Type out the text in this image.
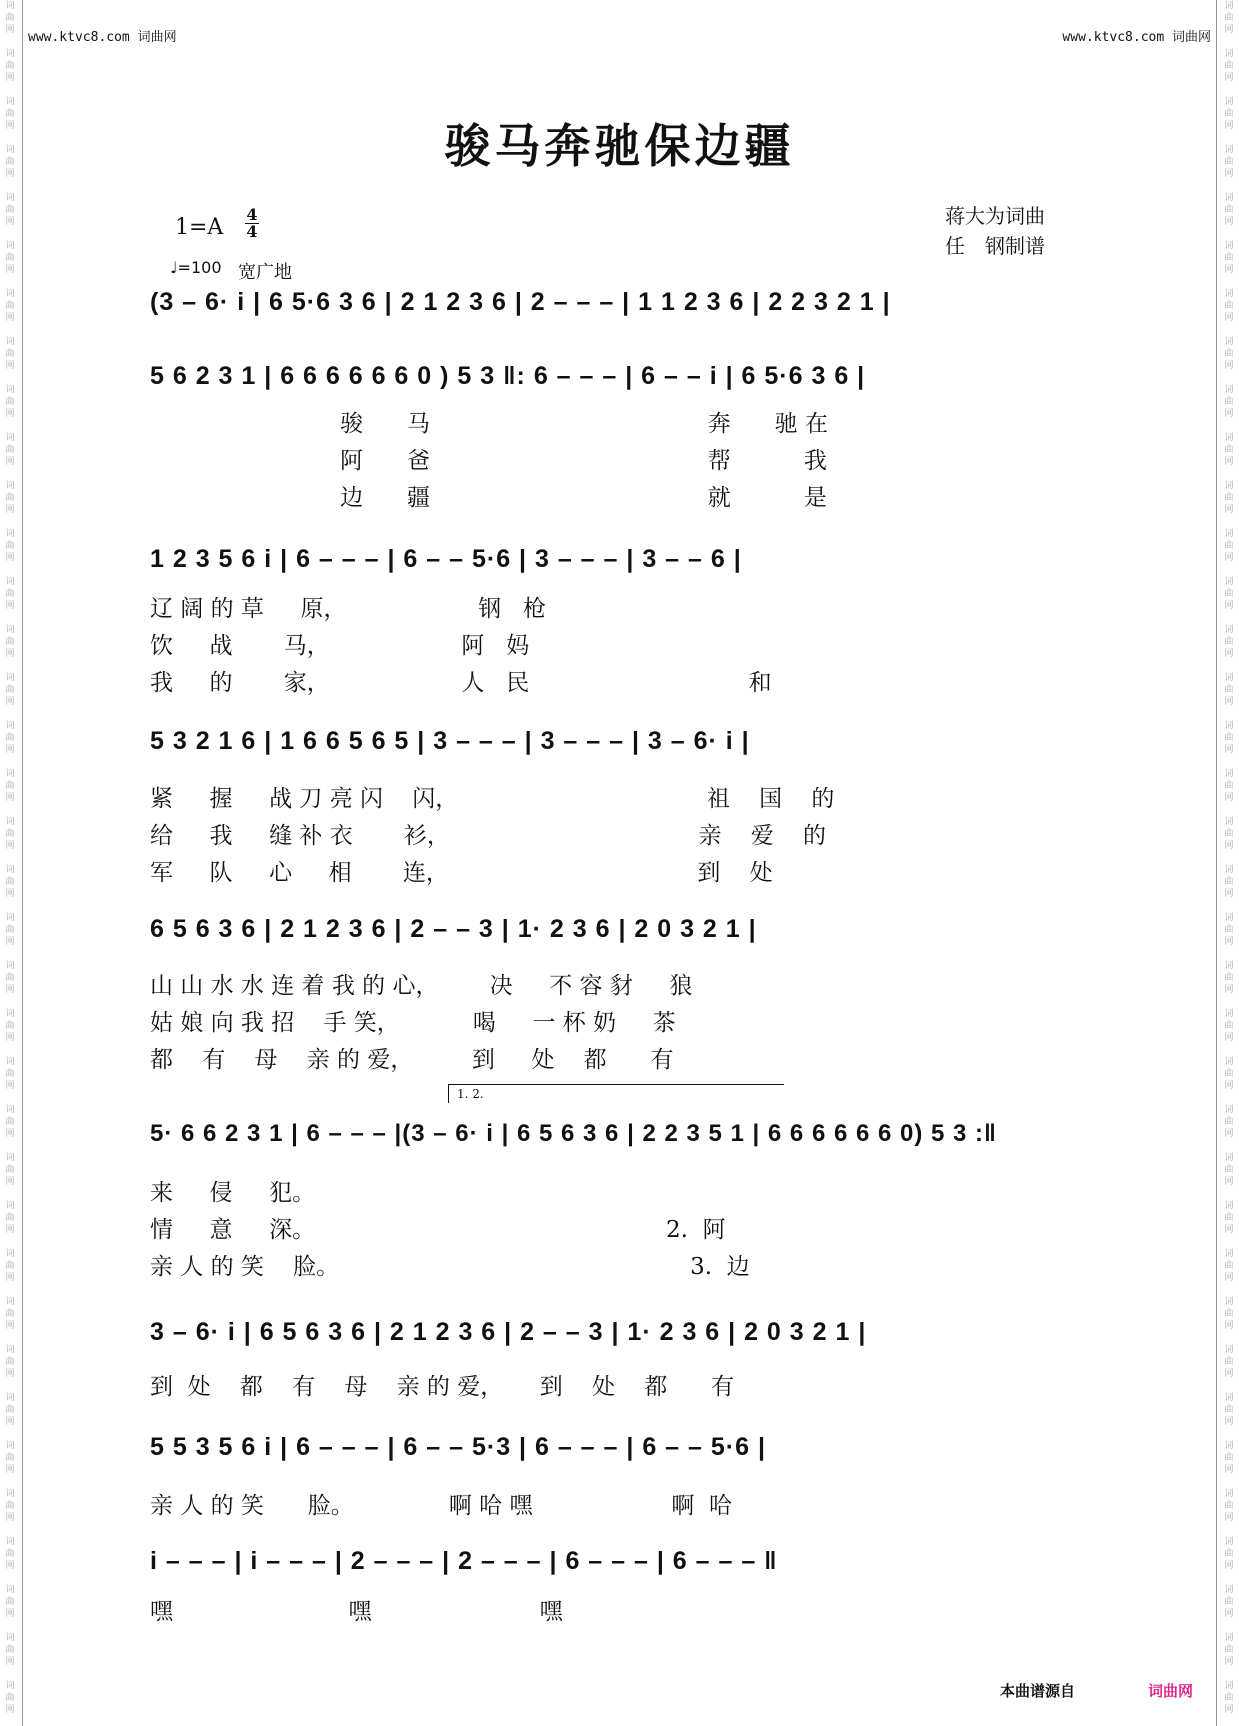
词
曲
网
词
曲
网
词
曲
网
词
曲
网
词
曲
网
词
曲
网
词
曲
网
词
曲
网
词
曲
网
词
曲
网
词
曲
网
词
曲
网
词
曲
网
词
曲
网
词
曲
网
词
曲
网
词
曲
网
词
曲
网
词
曲
网
词
曲
网
词
曲
网
词
曲
网
词
曲
网
词
曲
网
词
曲
网
词
曲
网
词
曲
网
词
曲
网
词
曲
网
词
曲
网
词
曲
网
词
曲
网
词
曲
网
词
曲
网
词
曲
网
词
曲
网
词
曲
网
词
曲
网
词
曲
网
词
曲
网
词
曲
网
词
曲
网
词
曲
网
词
曲
网
词
曲
网
词
曲
网
词
曲
网
词
曲
网
词
曲
网
词
曲
网
词
曲
网
词
曲
网
词
曲
网
词
曲
网
词
曲
网
词
曲
网
词
曲
网
词
曲
网
词
曲
网
词
曲
网
词
曲
网
词
曲
网
词
曲
网
词
曲
网
词
曲
网
词
曲
网
词
曲
网
词
曲
网
词
曲
网
词
曲
网
词
曲
网
词
曲
网
www.ktvc8.com 词曲网	www.ktvc8.com 词曲网
骏马奔驰保边疆
1=A
4
4
♩=100 宽广地
蒋大为词曲
任　钢制谱
(3 – 6· i | 6 5·6 3 6 | 2 1 2 3 6 | 2 – – – | 1 1 2 3 6 | 2 2 3 2 1 |
5 6 2 3 1 | 6 6 6 6 6 6 0 ) 5 3 ‖: 6 – – – | 6 – – i | 6 5·6 3 6 |
骏      马                                      奔      驰 在
阿      爸                                      帮          我
边      疆                                      就          是
1 2 3 5 6 i | 6 – – – | 6 – – 5·6 | 3 – – – | 3 – – 6 |
辽 阔 的 草     原，                  钢   枪
饮     战       马，                  阿   妈
我     的       家，                  人   民                              和
5 3 2 1 6 | 1 6 6 5 6 5 | 3 – – – | 3 – – – | 3 – 6· i |
紧     握     战 刀 亮 闪    闪，                                  祖    国    的
给     我     缝 补 衣       衫，                                  亲    爱    的
军     队     心     相       连，                                  到    处
6 5 6 3 6 | 2 1 2 3 6 | 2 – – 3 | 1· 2 3 6 | 2 0 3 2 1 |
山 山 水 水 连 着 我 的 心，       决     不 容 豺     狼
姑 娘 向 我 招    手 笑，          喝     一 杯 奶     茶
都    有    母    亲 的 爱，        到     处    都      有
1. 2.
5· 6 6 2 3 1 | 6 – – – |(3 – 6· i | 6 5 6 3 6 | 2 2 3 5 1 | 6 6 6 6 6 6 0) 5 3 :‖
来     侵     犯。
情     意     深。                                                2.  阿
亲 人 的 笑    脸。                                                3.  边
3 – 6· i | 6 5 6 3 6 | 2 1 2 3 6 | 2 – – 3 | 1· 2 3 6 | 2 0 3 2 1 |
到  处    都    有    母    亲 的 爱，     到    处    都      有
5 5 3 5 6 i | 6 – – – | 6 – – 5·3 | 6 – – – | 6 – – 5·6 |
亲 人 的 笑      脸。             啊 哈 嘿                   啊  哈
i – – – | i – – – | 2 – – – | 2 – – – | 6 – – – | 6 – – – ‖
嘿                        嘿                       嘿
本曲谱源自	词曲网
